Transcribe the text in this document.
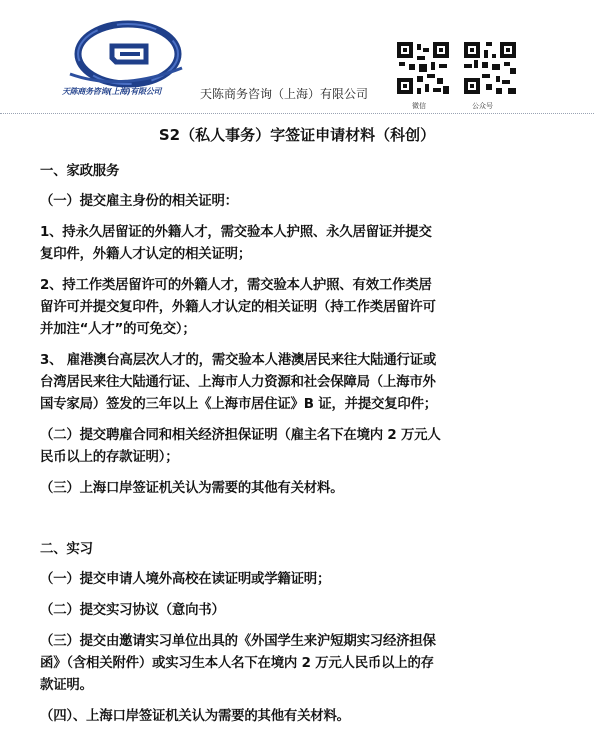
天陈商务咨询(上海)有限公司	天陈商务咨询（上海）有限公司
微信	公众号
S2（私人事务）字签证申请材料（科创）
一、家政服务
（一）提交雇主身份的相关证明：
1、持永久居留证的外籍人才，需交验本人护照、永久居留证并提交
复印件，外籍人才认定的相关证明；
2、持工作类居留许可的外籍人才，需交验本人护照、有效工作类居
留许可并提交复印件，外籍人才认定的相关证明（持工作类居留许可
并加注“人才”的可免交）；
3、 雇港澳台高层次人才的，需交验本人港澳居民来往大陆通行证或
台湾居民来往大陆通行证、上海市人力资源和社会保障局（上海市外
国专家局）签发的三年以上《上海市居住证》B 证，并提交复印件；
（二）提交聘雇合同和相关经济担保证明（雇主名下在境内 2 万元人
民币以上的存款证明）；
（三）上海口岸签证机关认为需要的其他有关材料。
二、实习
（一）提交申请人境外高校在读证明或学籍证明；
（二）提交实习协议（意向书）
（三）提交由邀请实习单位出具的《外国学生来沪短期实习经济担保
函》（含相关附件）或实习生本人名下在境内 2 万元人民币以上的存
款证明。
（四）、上海口岸签证机关认为需要的其他有关材料。
